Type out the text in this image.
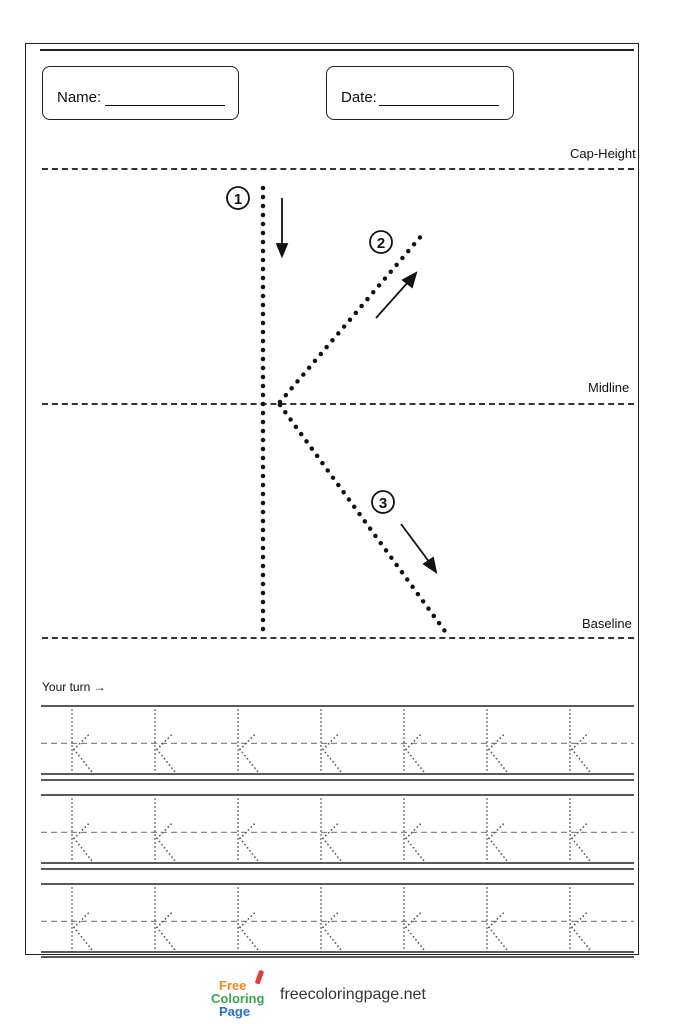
Name:	Date:
Cap-Height
Midline
Baseline
Your turn →
1
2
3
Free
Coloring
Page
freecoloringpage.net
